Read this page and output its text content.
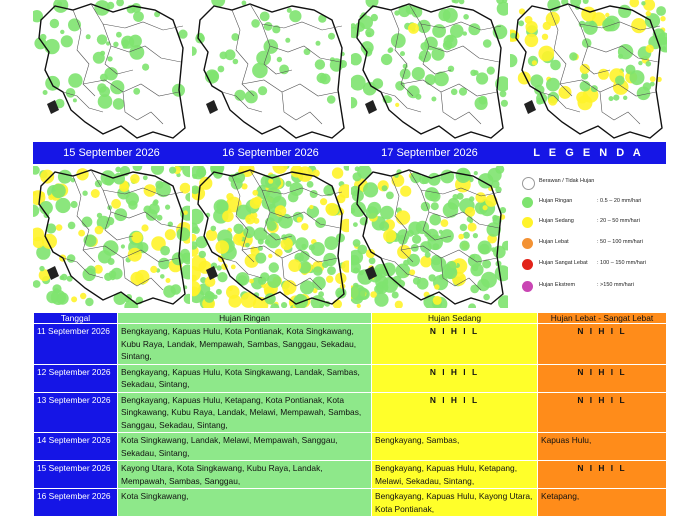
15 September 2026	16 September 2026	17 September 2026	L E G E N D A
Berawan / Tidak Hujan
Hujan Ringan	: 0.5 – 20 mm/hari
Hujan Sedang	: 20 – 50 mm/hari
Hujan Lebat	: 50 – 100 mm/hari
Hujan Sangat Lebat : 100 – 150 mm/hari
Hujan Ekstrem	: >150 mm/hari
Tanggal	Hujan Ringan	Hujan Sedang	Hujan Lebat - Sangat Lebat
11 September 2026	Bengkayang, Kapuas Hulu, Kota Pontianak, Kota Singkawang, Kubu Raya, Landak, Mempawah, Sambas, Sanggau, Sekadau, Sintang,	N I H I L	N I H I L

12 September 2026	Bengkayang, Kapuas Hulu, Kota Singkawang, Landak, Sambas, Sekadau, Sintang,	N I H I L	N I H I L

13 September 2026	Bengkayang, Kapuas Hulu, Ketapang, Kota Pontianak, Kota Singkawang, Kubu Raya, Landak, Melawi, Mempawah, Sambas, Sanggau, Sekadau, Sintang,	N I H I L	N I H I L

14 September 2026	Kota Singkawang, Landak, Melawi, Mempawah, Sanggau, Sekadau, Sintang,	Bengkayang, Sambas,	Kapuas Hulu,
15 September 2026	Kayong Utara, Kota Singkawang, Kubu Raya, Landak, Mempawah, Sambas, Sanggau,	Bengkayang, Kapuas Hulu, Ketapang, Melawi, Sekadau, Sintang,	N I H I L

16 September 2026	Kota Singkawang,	Bengkayang, Kapuas Hulu, Kayong Utara, Kota Pontianak,	Ketapang,
